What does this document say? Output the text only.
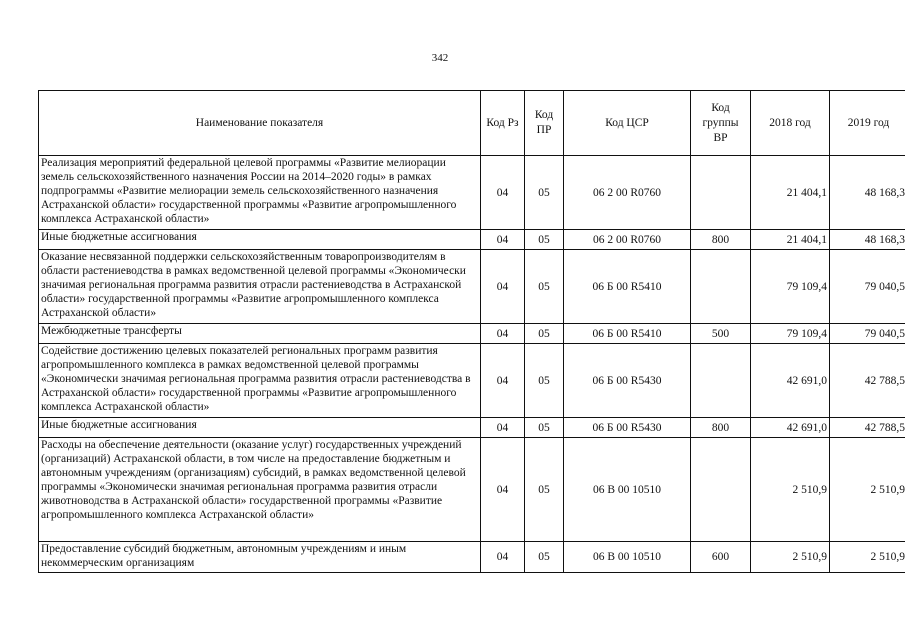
342
Наименование показателя	Код Рз	Код ПР	Код ЦСР	Код группы ВР	2018 год	2019 год
Реализация мероприятий федеральной целевой программы «Развитие мелиорации земель сельскохозяйственного назначения России на 2014–2020 годы» в рамках подпрограммы «Развитие мелиорации земель сельскохозяйственного назначения Астраханской области» государственной программы «Развитие агропромышленного комплекса Астраханской области»	04	05	06 2 00 R0760		21 404,1	48 168,3
Иные бюджетные ассигнования	04	05	06 2 00 R0760	800	21 404,1	48 168,3
Оказание несвязанной поддержки сельскохозяйственным товаропроизводителям в области растениеводства в рамках ведомственной целевой программы «Экономически значимая региональная программа развития отрасли растениеводства в Астраханской области» государственной программы «Развитие агропромышленного комплекса Астраханской области»	04	05	06 Б 00 R5410		79 109,4	79 040,5
Межбюджетные трансферты	04	05	06 Б 00 R5410	500	79 109,4	79 040,5
Содействие достижению целевых показателей региональных программ развития агропромышленного комплекса в рамках ведомственной целевой программы «Экономически значимая региональная программа развития отрасли растениеводства в Астраханской области» государственной программы «Развитие агропромышленного комплекса Астраханской области»	04	05	06 Б 00 R5430		42 691,0	42 788,5
Иные бюджетные ассигнования	04	05	06 Б 00 R5430	800	42 691,0	42 788,5
Расходы на обеспечение деятельности (оказание услуг) государственных учреждений (организаций) Астраханской области, в том числе на предоставление бюджетным и автономным учреждениям (организациям) субсидий, в рамках ведомственной целевой программы «Экономически значимая региональная программа развития отрасли животноводства в Астраханской области» государственной программы «Развитие агропромышленного комплекса Астраханской области»	04	05	06 В 00 10510		2 510,9	2 510,9
Предоставление субсидий бюджетным, автономным учреждениям и иным некоммерческим организациям	04	05	06 В 00 10510	600	2 510,9	2 510,9
